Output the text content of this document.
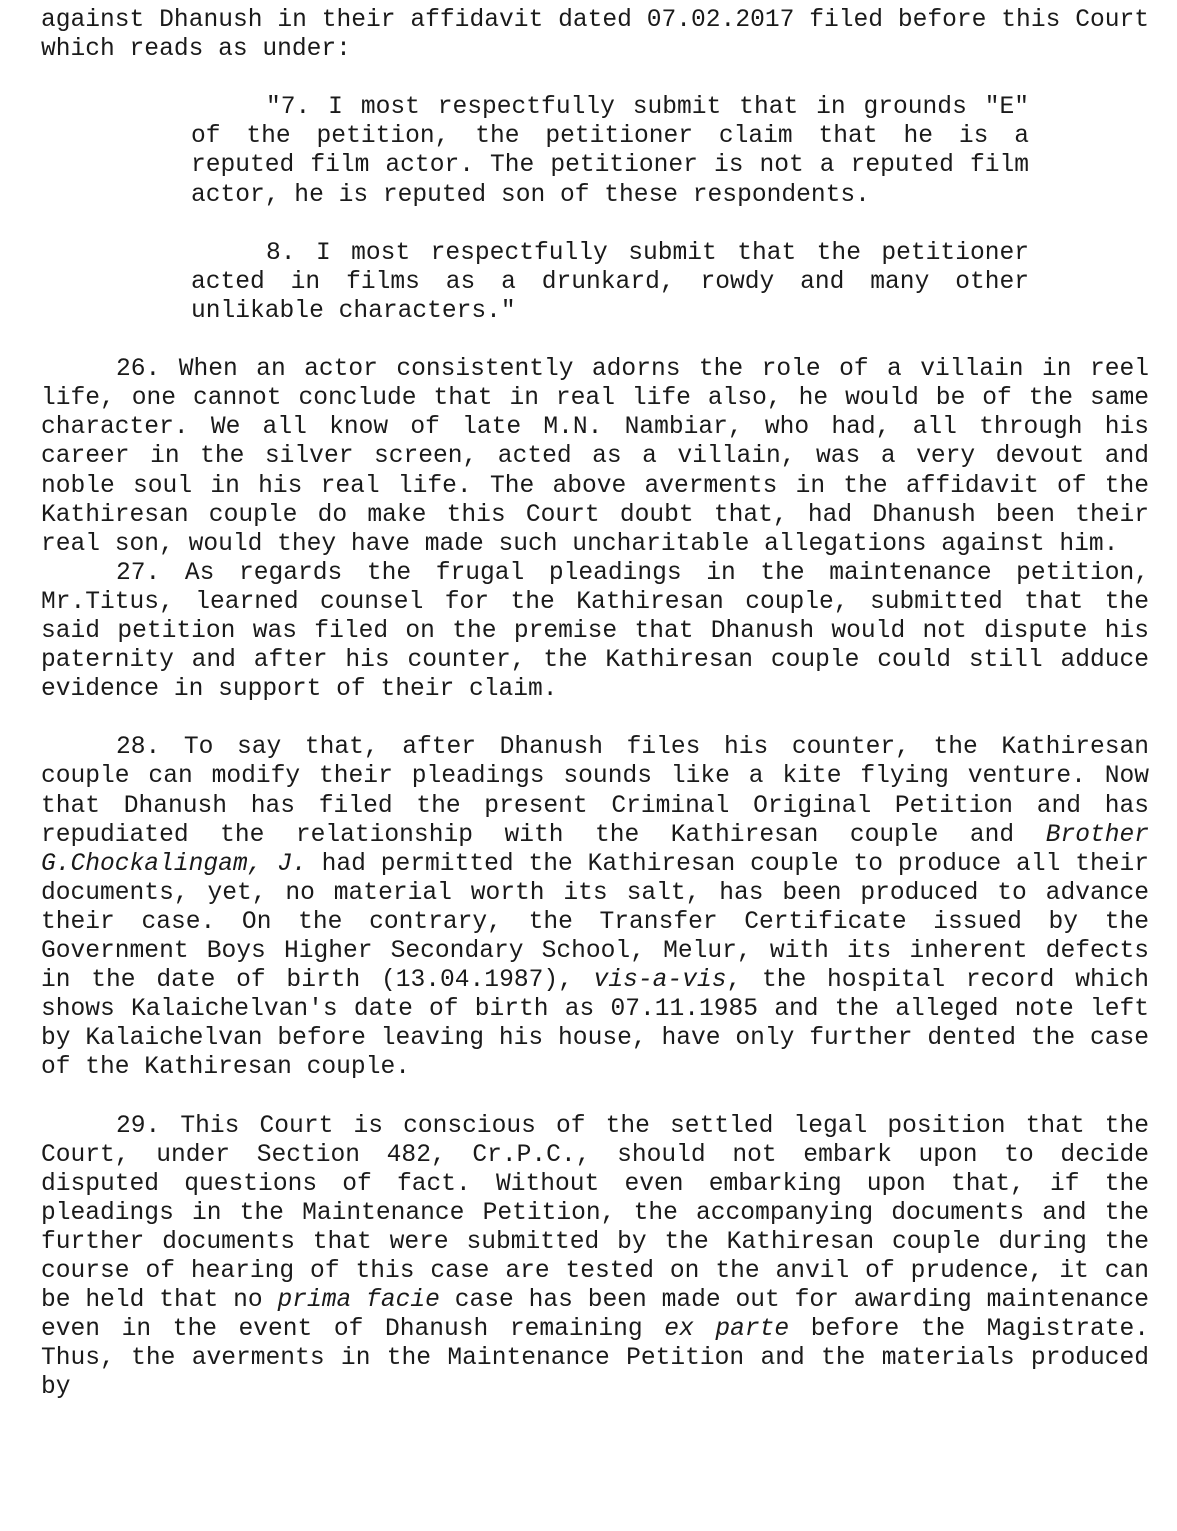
against Dhanush in their affidavit dated 07.02.2017 filed before this Court which reads as under:

"7. I most respectfully submit that in grounds "E" of the petition, the petitioner claim that he is a reputed film actor. The petitioner is not a reputed film actor, he is reputed son of these respondents.

8. I most respectfully submit that the petitioner acted in films as a drunkard, rowdy and many other unlikable characters."

26. When an actor consistently adorns the role of a villain in reel life, one cannot conclude that in real life also, he would be of the same character. We all know of late M.N. Nambiar, who had, all through his career in the silver screen, acted as a villain, was a very devout and noble soul in his real life. The above averments in the affidavit of the Kathiresan couple do make this Court doubt that, had Dhanush been their real son, would they have made such uncharitable allegations against him.

27. As regards the frugal pleadings in the maintenance petition, Mr.Titus, learned counsel for the Kathiresan couple, submitted that the said petition was filed on the premise that Dhanush would not dispute his paternity and after his counter, the Kathiresan couple could still adduce evidence in support of their claim.

28. To say that, after Dhanush files his counter, the Kathiresan couple can modify their pleadings sounds like a kite flying venture. Now that Dhanush has filed the present Criminal Original Petition and has repudiated the relationship with the Kathiresan couple and Brother G.Chockalingam, J. had permitted the Kathiresan couple to produce all their documents, yet, no material worth its salt, has been produced to advance their case. On the contrary, the Transfer Certificate issued by the Government Boys Higher Secondary School, Melur, with its inherent defects in the date of birth (13.04.1987), vis-a-vis, the hospital record which shows Kalaichelvan's date of birth as 07.11.1985 and the alleged note left by Kalaichelvan before leaving his house, have only further dented the case of the Kathiresan couple.

29. This Court is conscious of the settled legal position that the Court, under Section 482, Cr.P.C., should not embark upon to decide disputed questions of fact. Without even embarking upon that, if the pleadings in the Maintenance Petition, the accompanying documents and the further documents that were submitted by the Kathiresan couple during the course of hearing of this case are tested on the anvil of prudence, it can be held that no prima facie case has been made out for awarding maintenance even in the event of Dhanush remaining ex parte before the Magistrate. Thus, the averments in the Maintenance Petition and the materials produced by
